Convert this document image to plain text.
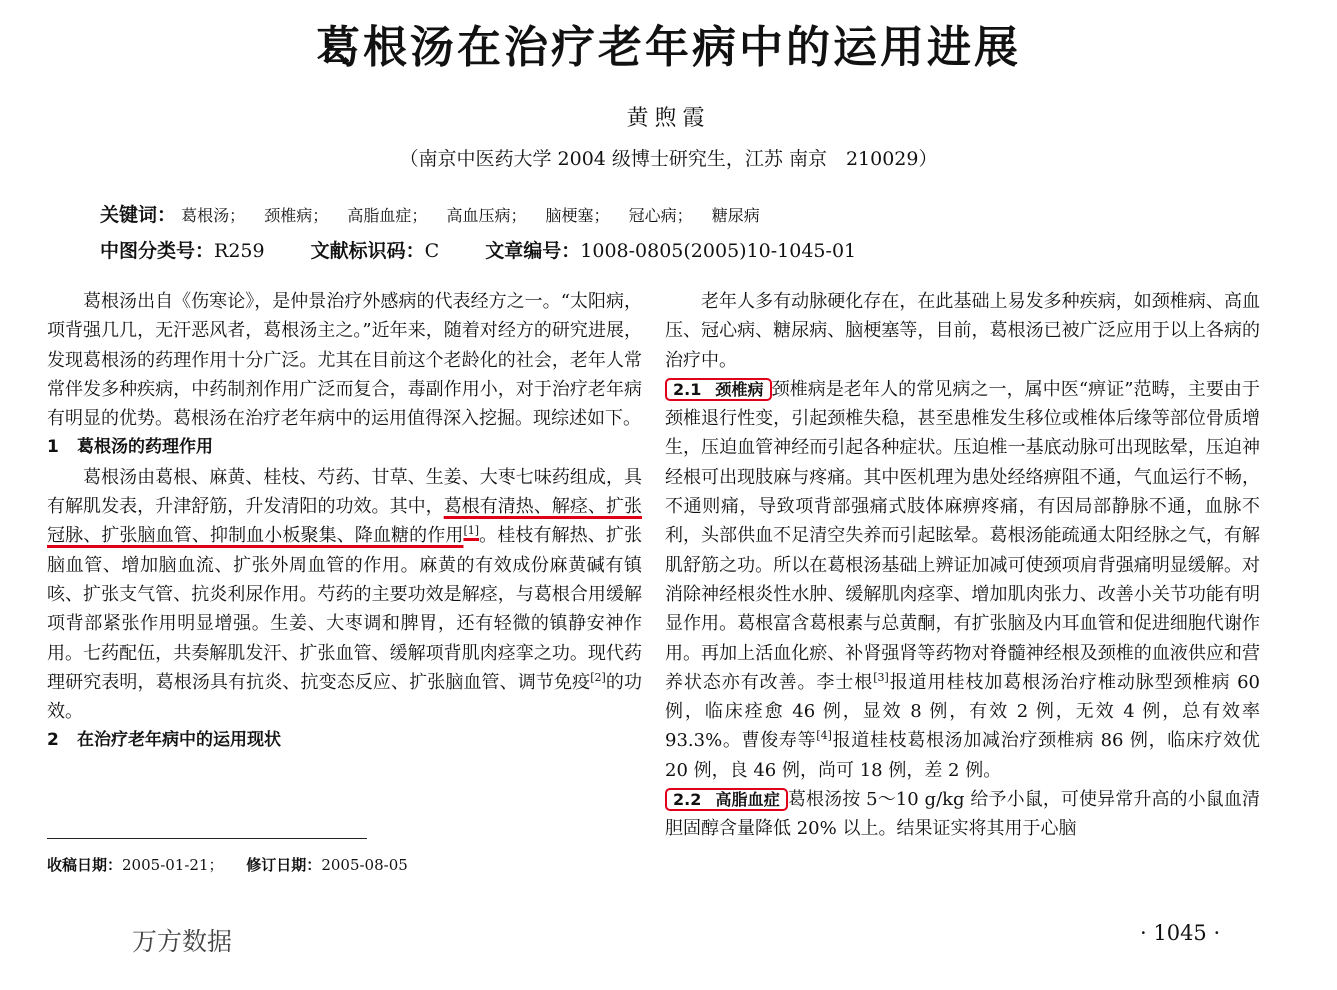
葛根汤在治疗老年病中的运用进展
黄煦霞
（南京中医药大学 2004 级博士研究生，江苏 南京　210029）
关键词： 葛根汤； 颈椎病； 高脂血症； 高血压病； 脑梗塞； 冠心病； 糖尿病
中图分类号：R259 文献标识码：C 文章编号：1008-0805(2005)10-1045-01

葛根汤出自《伤寒论》，是仲景治疗外感病的代表经方之一。“太阳病，项背强几几，无汗恶风者，葛根汤主之。”近年来，随着对经方的研究进展，发现葛根汤的药理作用十分广泛。尤其在目前这个老龄化的社会，老年人常常伴发多种疾病，中药制剂作用广泛而复合，毒副作用小，对于治疗老年病有明显的优势。葛根汤在治疗老年病中的运用值得深入挖掘。现综述如下。

1 葛根汤的药理作用

葛根汤由葛根、麻黄、桂枝、芍药、甘草、生姜、大枣七味药组成，具有解肌发表，升津舒筋，升发清阳的功效。其中，葛根有清热、解痉、扩张冠脉、扩张脑血管、抑制血小板聚集、降血糖的作用[1]。桂枝有解热、扩张脑血管、增加脑血流、扩张外周血管的作用。麻黄的有效成份麻黄碱有镇咳、扩张支气管、抗炎利尿作用。芍药的主要功效是解痉，与葛根合用缓解项背部紧张作用明显增强。生姜、大枣调和脾胃，还有轻微的镇静安神作用。七药配伍，共奏解肌发汗、扩张血管、缓解项背肌肉痉挛之功。现代药理研究表明，葛根汤具有抗炎、抗变态反应、扩张脑血管、调节免疫[2]的功效。

2 在治疗老年病中的运用现状

老年人多有动脉硬化存在，在此基础上易发多种疾病，如颈椎病、高血压、冠心病、糖尿病、脑梗塞等，目前，葛根汤已被广泛应用于以上各病的治疗中。

2.1 颈椎病 颈椎病是老年人的常见病之一，属中医“痹证”范畴，主要由于颈椎退行性变，引起颈椎失稳，甚至患椎发生移位或椎体后缘等部位骨质增生，压迫血管神经而引起各种症状。压迫椎一基底动脉可出现眩晕，压迫神经根可出现肢麻与疼痛。其中医机理为患处经络痹阻不通，气血运行不畅，不通则痛，导致项背部强痛式肢体麻痹疼痛，有因局部静脉不通，血脉不利，头部供血不足清空失养而引起眩晕。葛根汤能疏通太阳经脉之气，有解肌舒筋之功。所以在葛根汤基础上辨证加减可使颈项肩背强痛明显缓解。对消除神经根炎性水肿、缓解肌肉痉挛、增加肌肉张力、改善小关节功能有明显作用。葛根富含葛根素与总黄酮，有扩张脑及内耳血管和促进细胞代谢作用。再加上活血化瘀、补肾强肾等药物对脊髓神经根及颈椎的血液供应和营养状态亦有改善。李士根[3]报道用桂枝加葛根汤治疗椎动脉型颈椎病 60 例，临床痊愈 46 例，显效 8 例，有效 2 例，无效 4 例，总有效率 93.3%。曹俊寿等[4]报道桂枝葛根汤加减治疗颈椎病 86 例，临床疗效优 20 例，良 46 例，尚可 18 例，差 2 例。

2.2 高脂血症 葛根汤按 5～10 g/kg 给予小鼠，可使异常升高的小鼠血清胆固醇含量降低 20% 以上。结果证实将其用于心脑

收稿日期：2005-01-21； 修订日期：2005-08-05
万方数据	· 1045 ·
